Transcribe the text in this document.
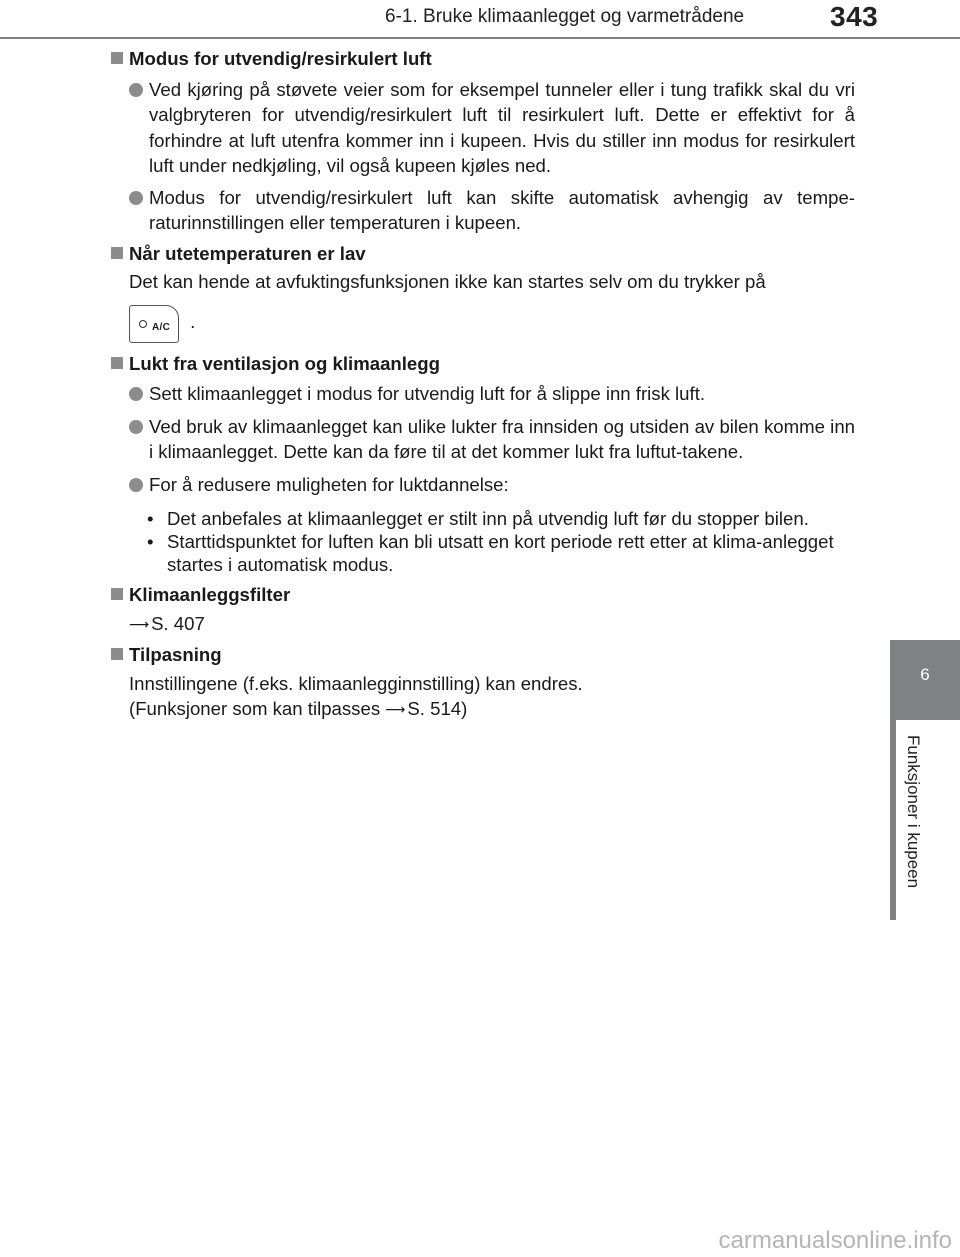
6-1. Bruke klimaanlegget og varmetrådene	343
6
Funksjoner i kupeen
Modus for utvendig/resirkulert luft
Ved kjøring på støvete veier som for eksempel tunneler eller i tung trafikk skal du vri valgbryteren for utvendig/resirkulert luft til resirkulert luft. Dette er effektivt for å forhindre at luft utenfra kommer inn i kupeen. Hvis du stiller inn modus for resirkulert luft under nedkjøling, vil også kupeen kjøles ned.
Modus for utvendig/resirkulert luft kan skifte automatisk avhengig av tempe-raturinnstillingen eller temperaturen i kupeen.
Når utetemperaturen er lav
Det kan hende at avfuktingsfunksjonen ikke kan startes selv om du trykker på
A/C .
Lukt fra ventilasjon og klimaanlegg
Sett klimaanlegget i modus for utvendig luft for å slippe inn frisk luft.
Ved bruk av klimaanlegget kan ulike lukter fra innsiden og utsiden av bilen komme inn i klimaanlegget. Dette kan da føre til at det kommer lukt fra luftut-takene.
For å redusere muligheten for luktdannelse:
• Det anbefales at klimaanlegget er stilt inn på utvendig luft før du stopper bilen.
• Starttidspunktet for luften kan bli utsatt en kort periode rett etter at klima-anlegget startes i automatisk modus.
Klimaanleggsfilter
⟶ S. 407
Tilpasning
Innstillingene (f.eks. klimaanlegginnstilling) kan endres.
(Funksjoner som kan tilpasses ⟶ S. 514)
carmanualsonline.info
